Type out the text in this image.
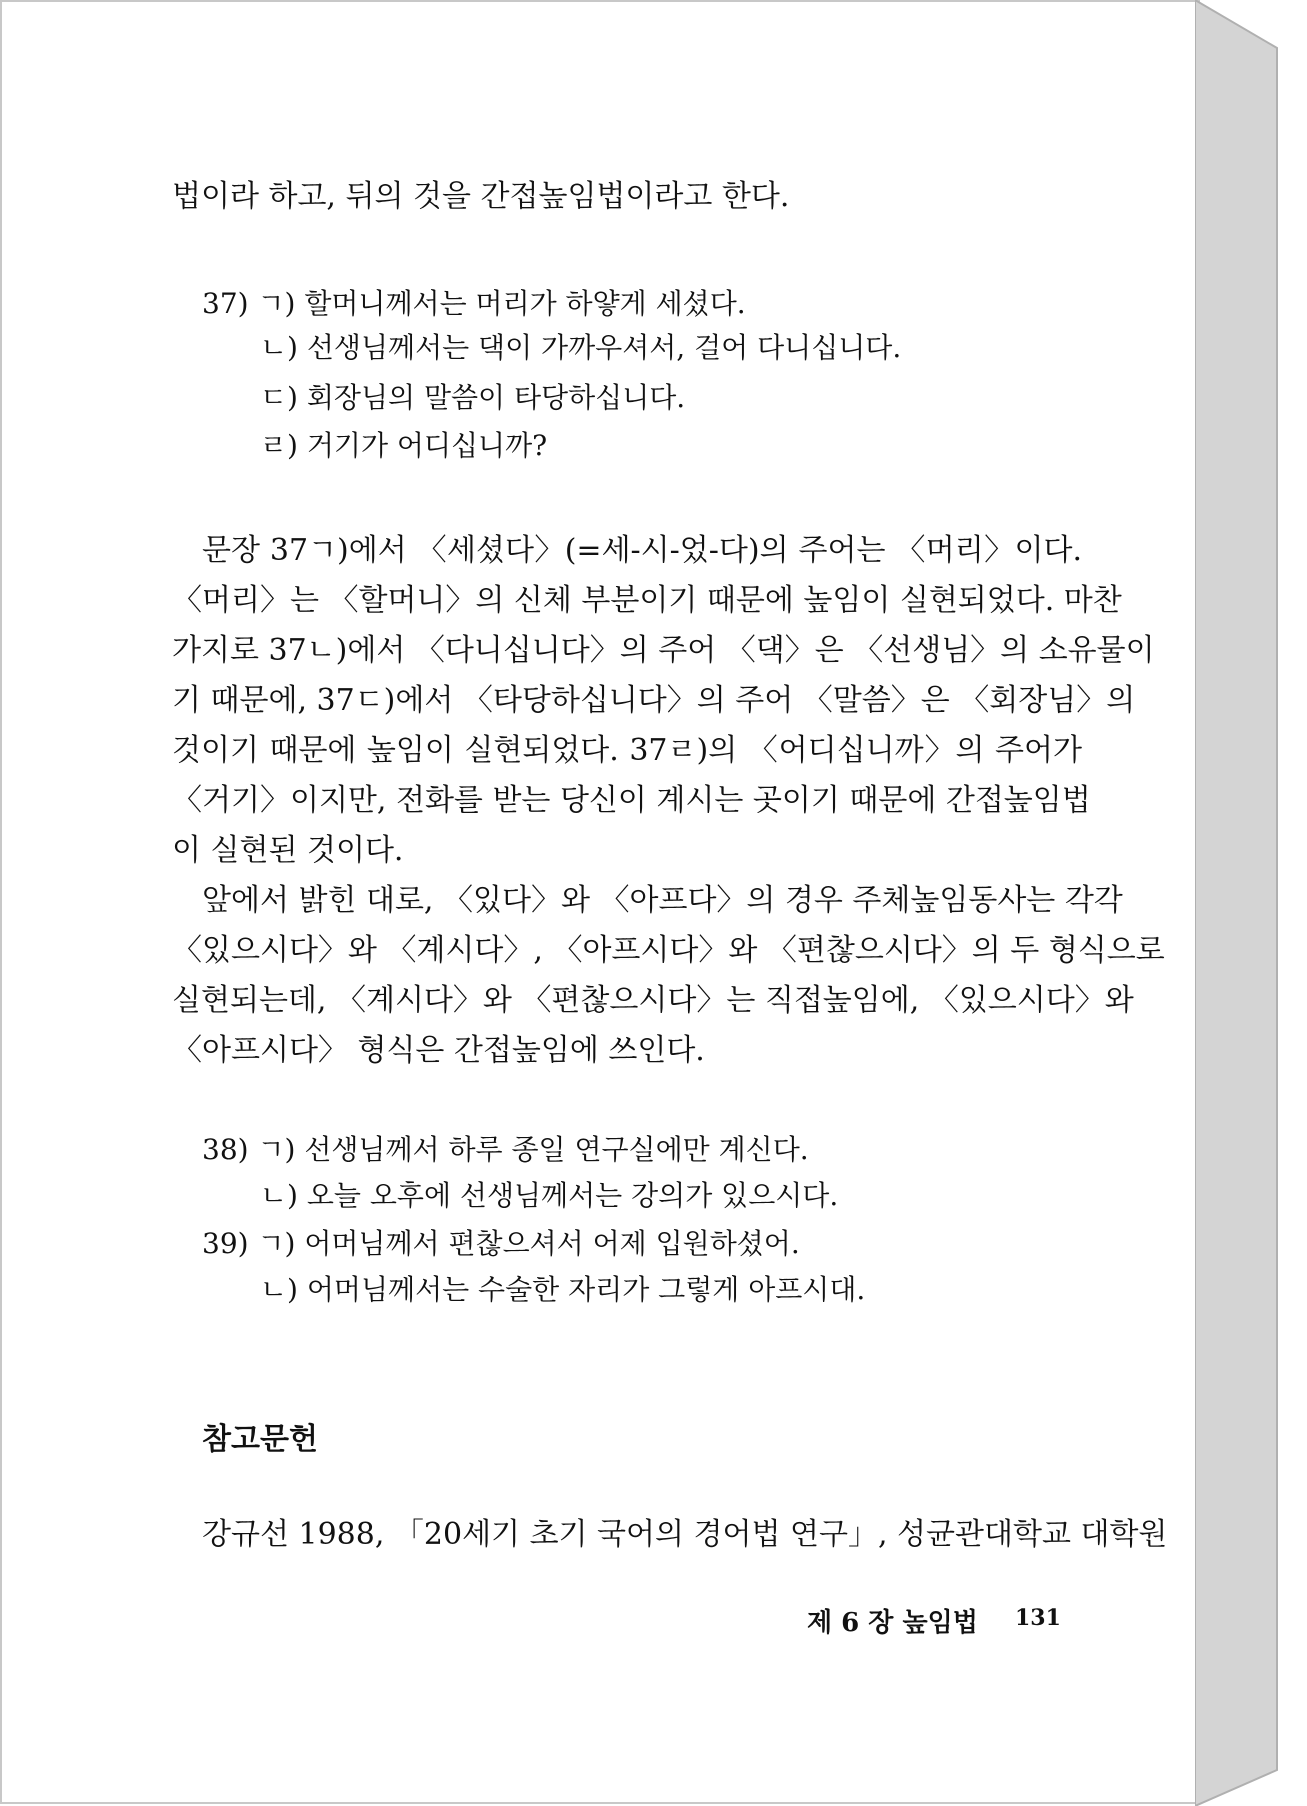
법이라 하고, 뒤의 것을 간접높임법이라고 한다.
37) ㄱ) 할머니께서는 머리가 하얗게 세셨다.
ㄴ) 선생님께서는 댁이 가까우셔서, 걸어 다니십니다.
ㄷ) 회장님의 말씀이 타당하십니다.
ㄹ) 거기가 어디십니까?
문장 37ㄱ)에서 〈세셨다〉(=세-시-었-다)의 주어는 〈머리〉이다.
〈머리〉는 〈할머니〉의 신체 부분이기 때문에 높임이 실현되었다. 마찬
가지로 37ㄴ)에서 〈다니십니다〉의 주어 〈댁〉은 〈선생님〉의 소유물이
기 때문에, 37ㄷ)에서 〈타당하십니다〉의 주어 〈말씀〉은 〈회장님〉의
것이기 때문에 높임이 실현되었다. 37ㄹ)의 〈어디십니까〉의 주어가
〈거기〉이지만, 전화를 받는 당신이 계시는 곳이기 때문에 간접높임법
이 실현된 것이다.
앞에서 밝힌 대로, 〈있다〉와 〈아프다〉의 경우 주체높임동사는 각각
〈있으시다〉와 〈계시다〉, 〈아프시다〉와 〈편찮으시다〉의 두 형식으로
실현되는데, 〈계시다〉와 〈편찮으시다〉는 직접높임에, 〈있으시다〉와
〈아프시다〉 형식은 간접높임에 쓰인다.
38) ㄱ) 선생님께서 하루 종일 연구실에만 계신다.
ㄴ) 오늘 오후에 선생님께서는 강의가 있으시다.
39) ㄱ) 어머님께서 편찮으셔서 어제 입원하셨어.
ㄴ) 어머님께서는 수술한 자리가 그렇게 아프시대.
참고문헌
강규선 1988, 「20세기 초기 국어의 경어법 연구」, 성균관대학교 대학원
제 6 장 높임법 131
